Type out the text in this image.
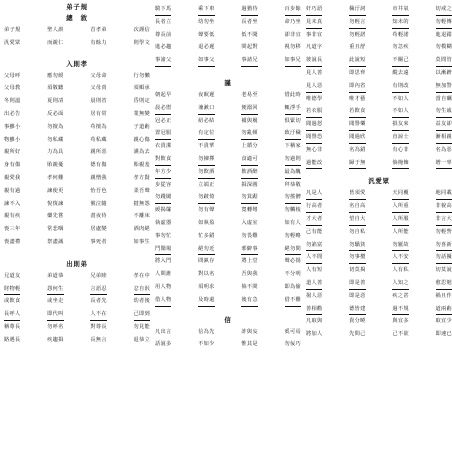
弟子規
總　敘
弟子規	聖人訓	首孝弟	次謹信
汎愛眾	而親仁	有餘力	則學文
入則孝
父母呼	應勿緩	父母命	行勿懶
父母教	須敬聽	父母責	須順承
冬則溫	夏則凊	晨則省	昏則定
出必告	反必面	居有常	業無變
事雖小	勿擅為	苟擅為	子道虧
物雖小	勿私藏	苟私藏	親心傷
親所好	力為具	親所惡	謹為去
身有傷	貽親憂	德有傷	貽親羞
親愛我	孝何難	親憎我	孝方賢
親有過	諫使更	怡吾色	柔吾聲
諫不入	悅復諫	號泣隨	撻無怨
親有疾	藥先嘗	晝夜侍	不離床
喪三年	常悲咽	居處變	酒肉絕
喪盡禮	祭盡誠	事死者	如事生
出則弟
兄道友	弟道恭	兄弟睦	孝在中
財物輕	怨何生	言語忍	忿自泯
或飲食	或坐走	長者先	幼者後
長呼人	即代叫	人不在	己即到
稱尊長	勿呼名	對尊長	勿見能
路遇長	疾趨揖	長無言	退恭立
騎下馬	乘下車	過猶待	百步餘
長者立	幼勿坐	長者坐	命乃坐
尊長前	聲要低	低不聞	卻非宜
進必趨	退必遲	問起對	視勿移
事諸父	如事父	事諸兄	如事兄
謹
朝起早	夜眠遲	老易至	惜此時
晨必盥	兼漱口	便溺回	輒淨手
冠必正	紐必結	襪與履	俱緊切
置冠服	有定位	勿亂頓	致汙穢
衣貴潔	不貴華	上循分	下稱家
對飲食	勿揀擇	食適可	勿過則
年方少	勿飲酒	飲酒醉	最為醜
步從容	立端正	揖深圓	拜恭敬
勿踐閾	勿跛倚	勿箕踞	勿搖髀
緩揭簾	勿有聲	寬轉彎	勿觸棱
執虛器	如執盈	入虛室	如有人
事勿忙	忙多錯	勿畏難	勿輕略
鬥鬧場	絕勿近	邪僻事	絕勿問
將入門	問孰存	將上堂	聲必揚
人問誰	對以名	吾與我	不分明
用人物	須明求	倘不問	即為偷
借人物	及時還	後有急	借不難
信
凡出言	信為先	詐與妄	奚可焉
話說多	不如少	惟其是	勿佞巧
奸巧語	穢汙詞	市井氣	切戒之
見未真	勿輕言	知未的	勿輕傳
事非宜	勿輕諾	苟輕諾	進退錯
凡道字	重且舒	勿急疾	勿模糊
彼說長	此說短	不關己	莫閒管
見人善	即思齊	縱去遠	以漸躋
見人惡	即內省	有則改	無加警
唯德學	唯才藝	不如人	當自礪
若衣服	若飲食	不如人	勿生戚
聞過怒	聞譽樂	損友來	益友卻
聞譽恐	聞過欣	直諒士	漸相親
無心非	名為錯	有心非	名為惡
過能改	歸于無	倘掩飾	增一辜
汎愛眾
凡是人	皆須愛	天同覆	地同載
行高者	名自高	人所重	非貌高
才大者	望自大	人所服	非言大
己有能	勿自私	人所能	勿輕訾
勿諂富	勿驕貧	勿厭故	勿喜新
人不閒	勿事攪	人不安	勿話擾
人有短	切莫揭	人有私	切莫說
道人善	即是善	人知之	愈思勉
揚人惡	即是惡	疾之甚	禍且作
善相勸	德皆建	過不規	道兩虧
凡取與	貴分曉	與宜多	取宜少
將加人	先問己	己不欲	即速已
